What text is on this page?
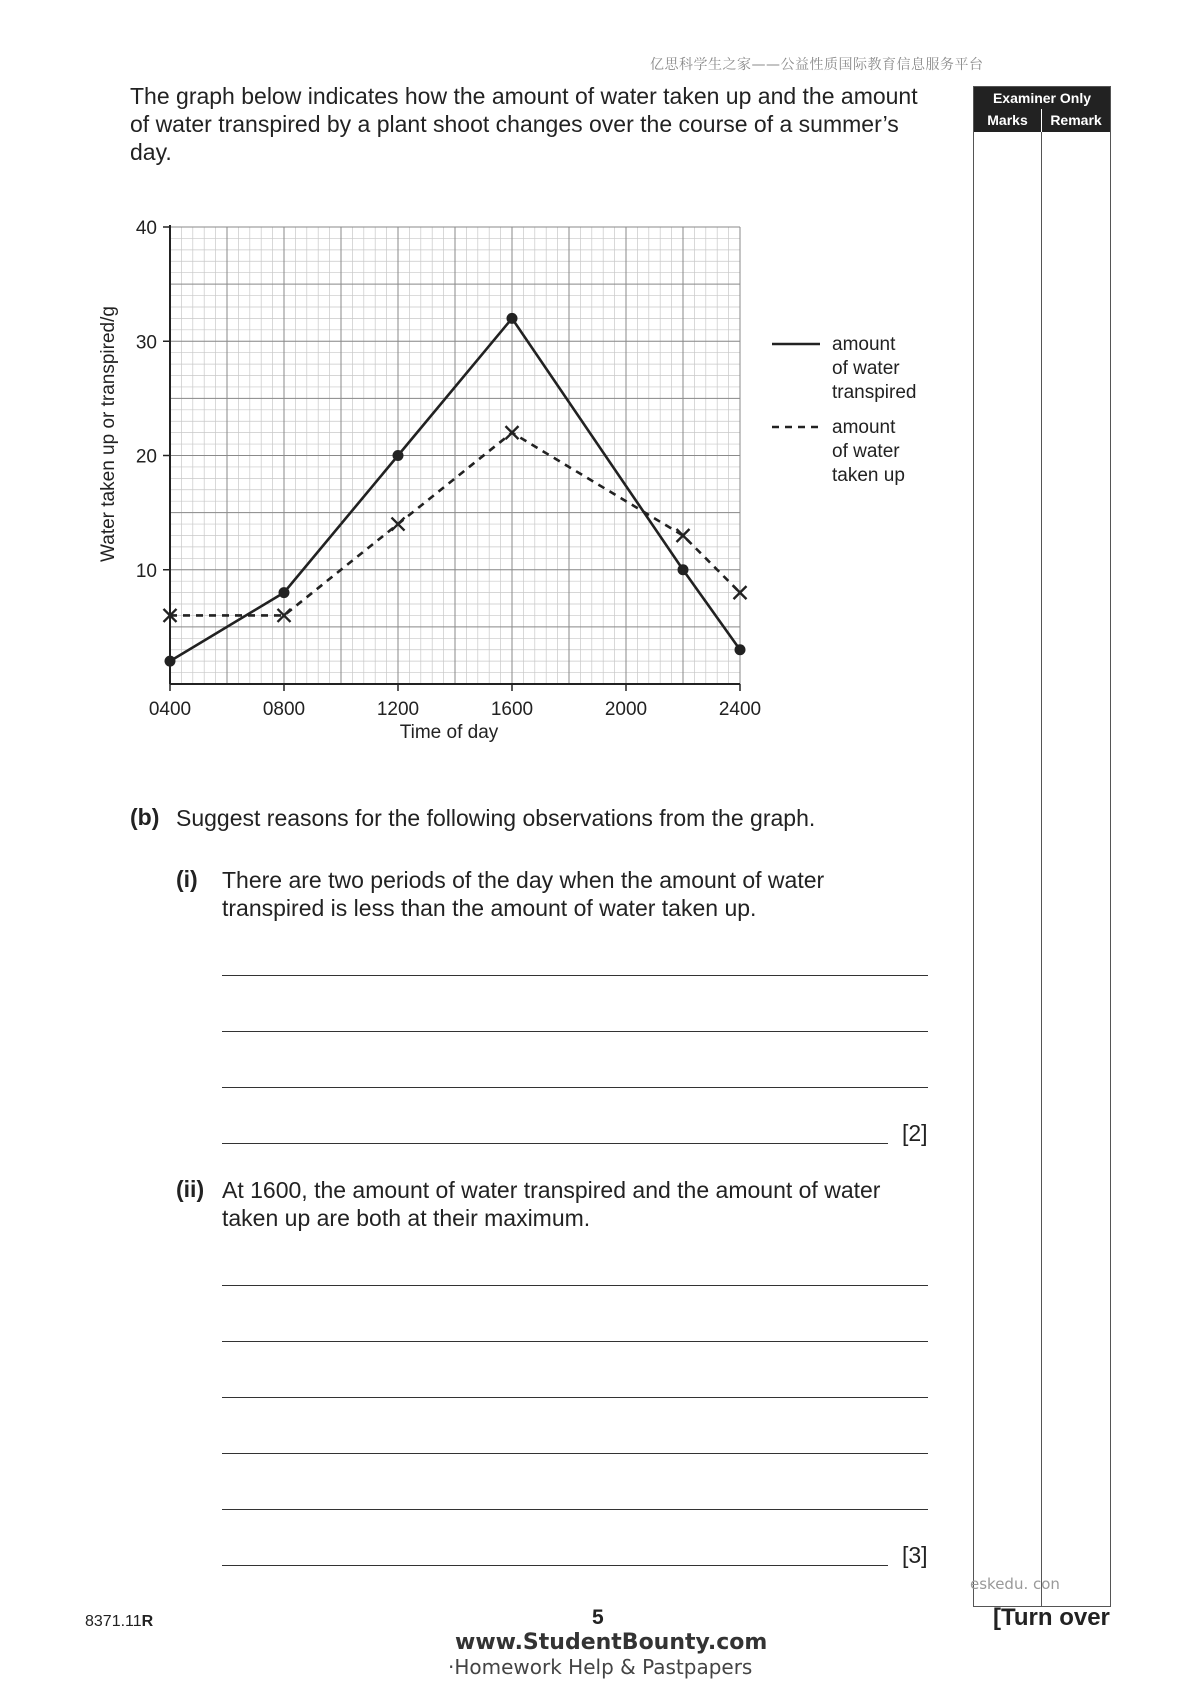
亿思科学生之家——公益性质国际教育信息服务平台
The graph below indicates how the amount of water taken up and the amount of water transpired by a plant shoot changes over the course of a summer’s day.
Examiner Only
Marks	Remark
0400	0800	1200	1600	2000	2400
10
20
30
40
Water taken up or transpired/g
Time of day
amount
of water
transpired
amount
of water
taken up
(b) Suggest reasons for the following observations from the graph.
(i) There are two periods of the day when the amount of water transpired is less than the amount of water taken up.
[2]
(ii) At 1600, the amount of water transpired and the amount of water taken up are both at their maximum.
[3]
8371.11R	5	[Turn over
eskedu. con
www.StudentBounty.com
·Homework Help & Pastpapers
